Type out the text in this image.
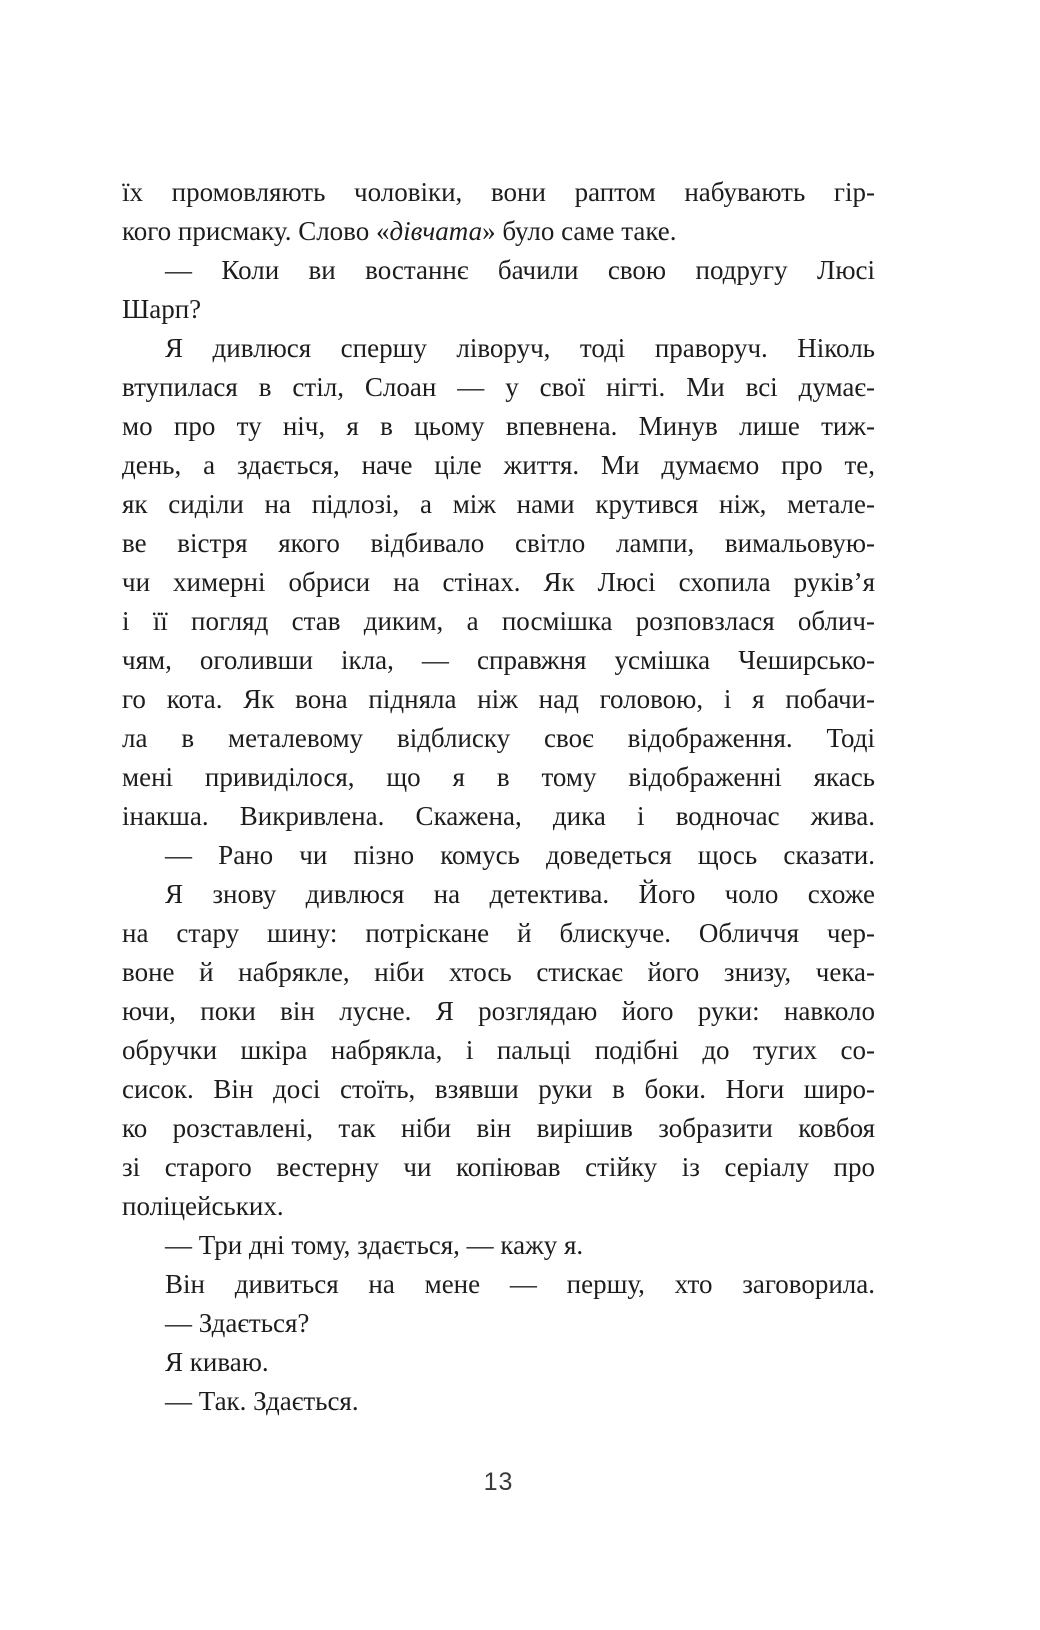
їх промовляють чоловіки, вони раптом набувають гір-
кого присмаку. Слово «дівчата» було саме таке.
— Коли ви востаннє бачили свою подругу Люсі
Шарп?
Я дивлюся спершу ліворуч, тоді праворуч. Ніколь
втупилася в стіл, Слоан — у свої нігті. Ми всі думає-
мо про ту ніч, я в цьому впевнена. Минув лише тиж-
день, а здається, наче ціле життя. Ми думаємо про те,
як сиділи на підлозі, а між нами крутився ніж, метале-
ве вістря якого відбивало світло лампи, вимальовую-
чи химерні обриси на стінах. Як Люсі схопила руків’я
і її погляд став диким, а посмішка розповзлася облич-
чям, оголивши ікла, — справжня усмішка Чеширсько-
го кота. Як вона підняла ніж над головою, і я побачи-
ла в металевому відблиску своє відображення. Тоді
мені привиділося, що я в тому відображенні якась
інакша. Викривлена. Скажена, дика і водночас жива.
— Рано чи пізно комусь доведеться щось сказати.
Я знову дивлюся на детектива. Його чоло схоже
на стару шину: потріскане й блискуче. Обличчя чер-
воне й набрякле, ніби хтось стискає його знизу, чека-
ючи, поки він лусне. Я розглядаю його руки: навколо
обручки шкіра набрякла, і пальці подібні до тугих со-
сисок. Він досі стоїть, взявши руки в боки. Ноги широ-
ко розставлені, так ніби він вирішив зобразити ковбоя
зі старого вестерну чи копіював стійку із серіалу про
поліцейських.
— Три дні тому, здається, — кажу я.
Він дивиться на мене — першу, хто заговорила.
— Здається?
Я киваю.
— Так. Здається.
13
